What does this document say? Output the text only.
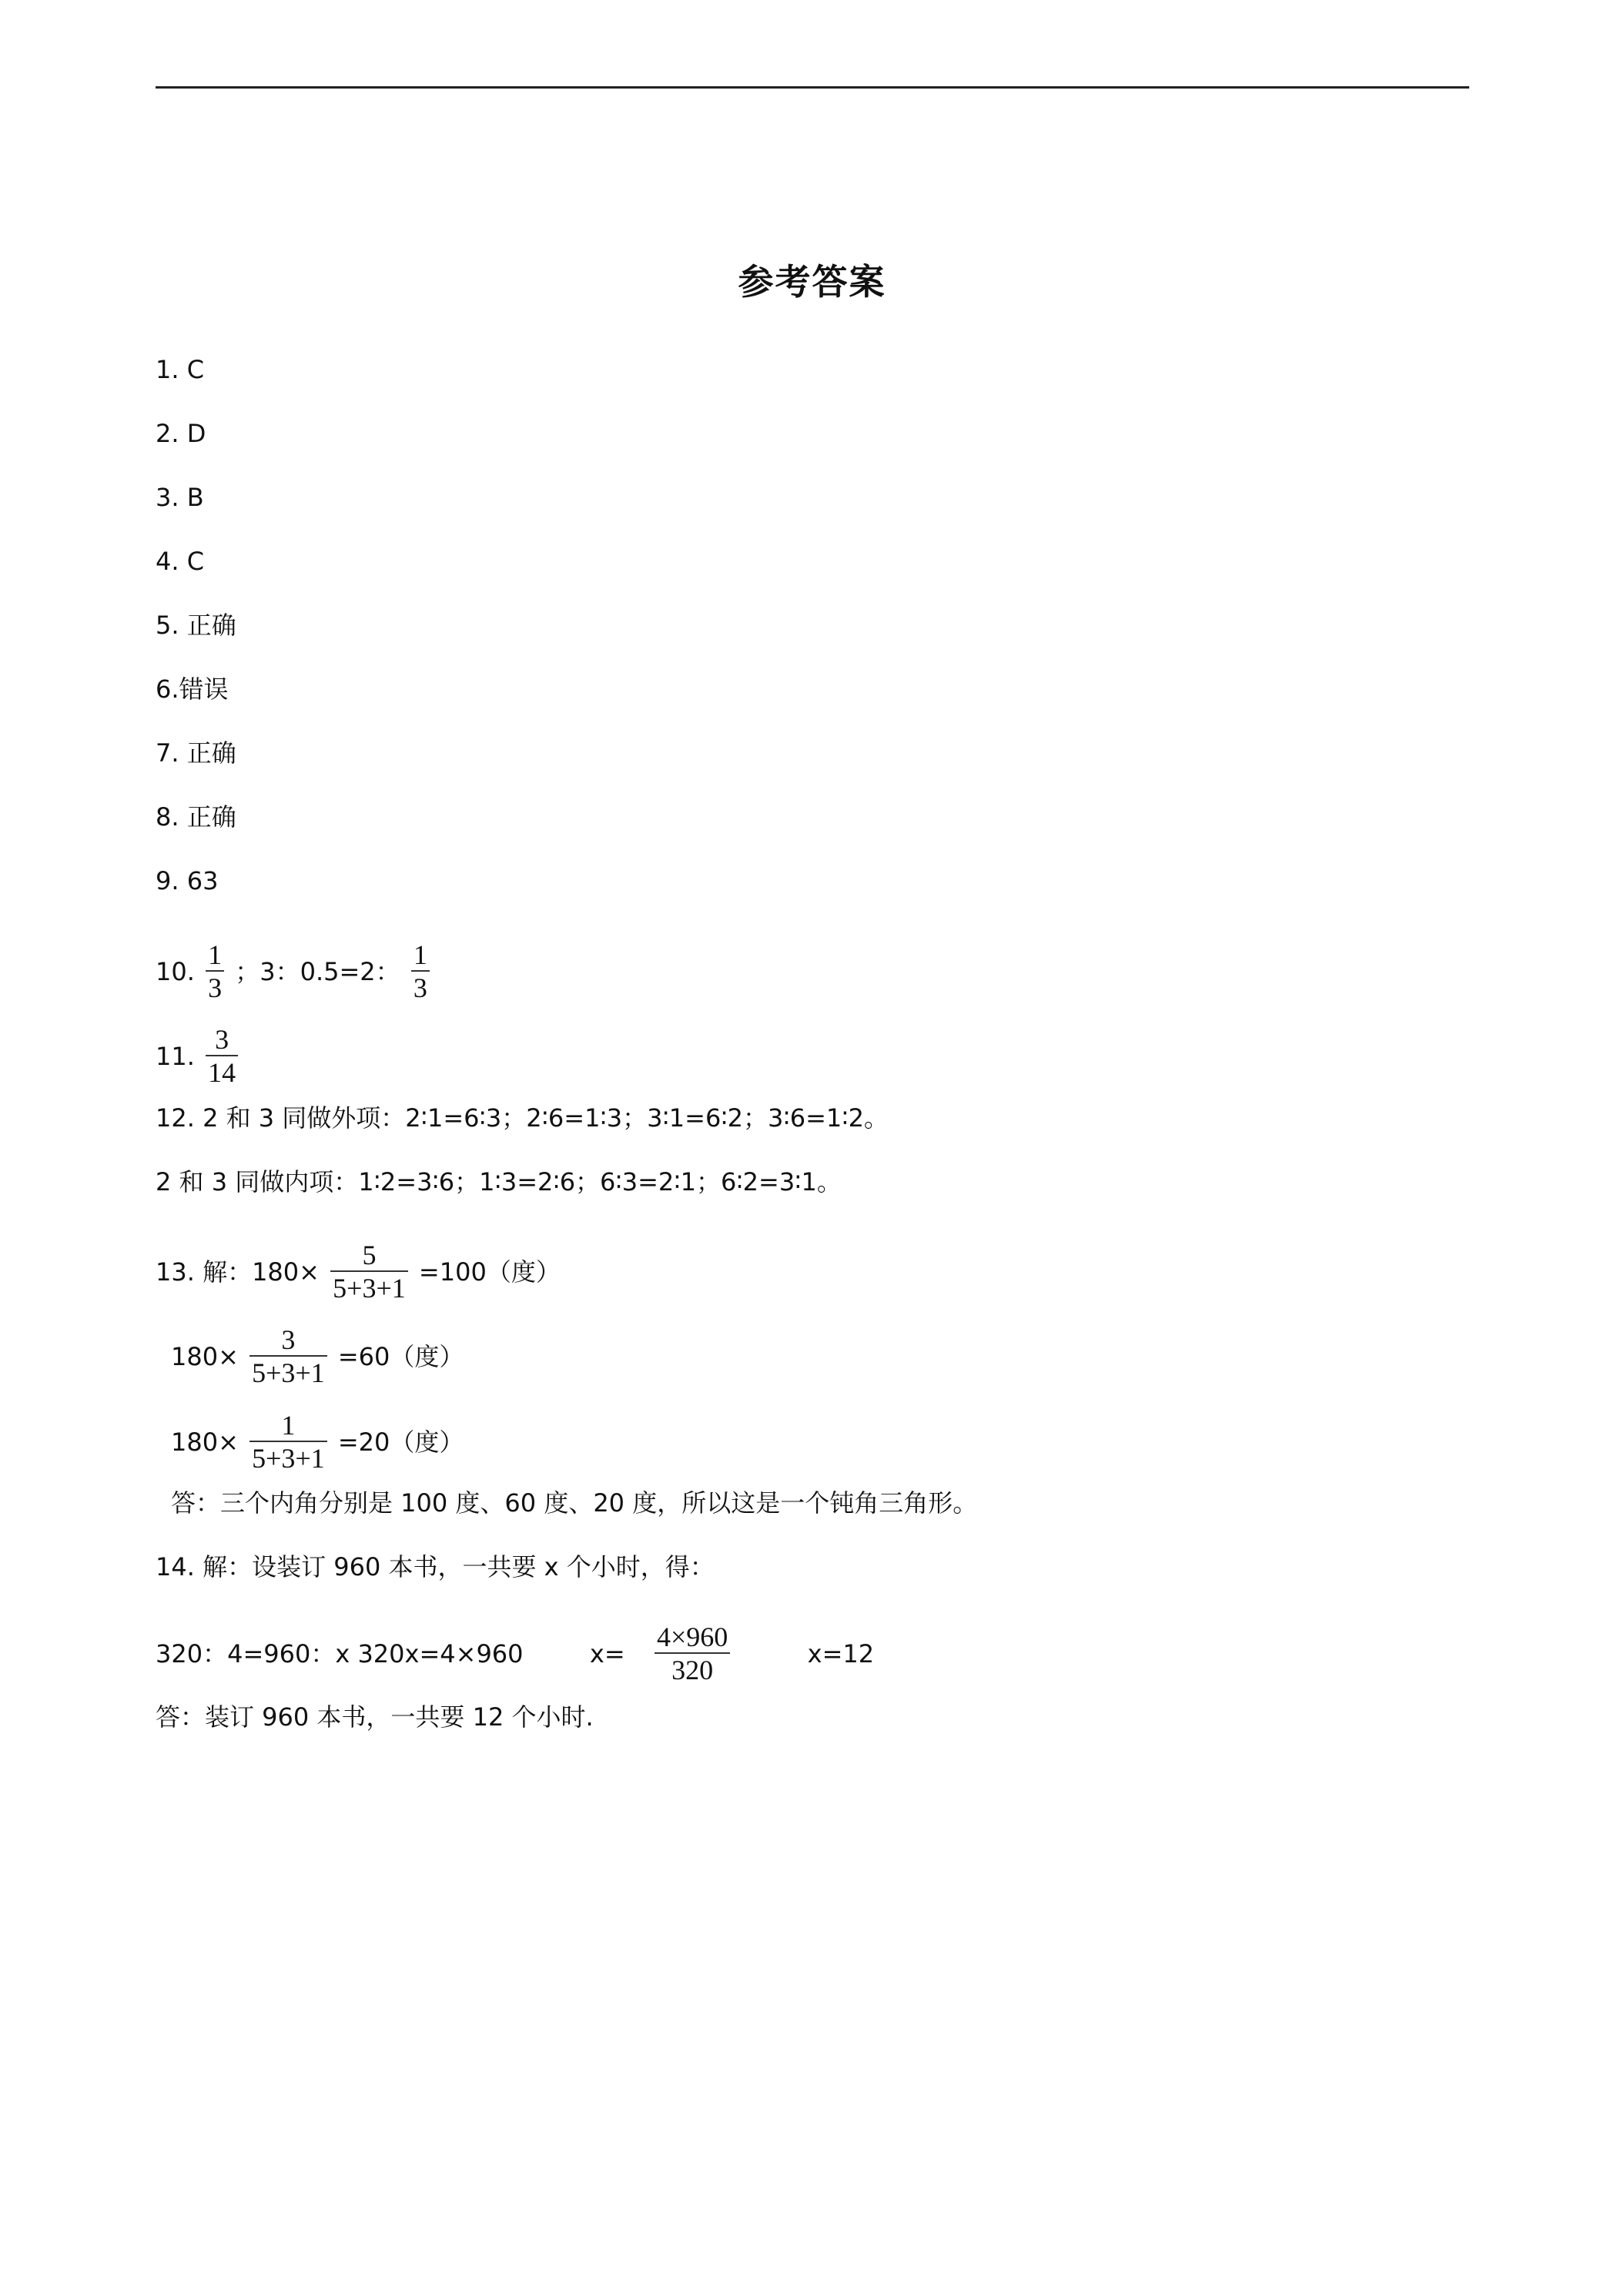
参考答案
1. C
2. D
3. B
4. C
5. 正确
6.错误
7. 正确
8. 正确
9. 63
10. $\frac{1}{3}$ ；3：0.5=2： $\frac{1}{3}$
11. $\frac{3}{14}$
12. 2 和 3 同做外项：2∶1=6∶3；2∶6=1∶3；3∶1=6∶2；3∶6=1∶2。
2 和 3 同做内项：1∶2=3∶6；1∶3=2∶6；6∶3=2∶1；6∶2=3∶1。
13. 解：$180\times \frac{5}{5+3+1} =100$（度）
$180\times \frac{3}{5+3+1} =60$（度）
$180\times \frac{1}{5+3+1} =20$（度）
答：三个内角分别是 100 度、60 度、20 度，所以这是一个钝角三角形。
14. 解：设装订 960 本书，一共要 x 个小时，得：
320：4=960：x 320x=4×960	$x= \frac{4\times 960}{320}$	x=12
答：装订 960 本书，一共要 12 个小时.
